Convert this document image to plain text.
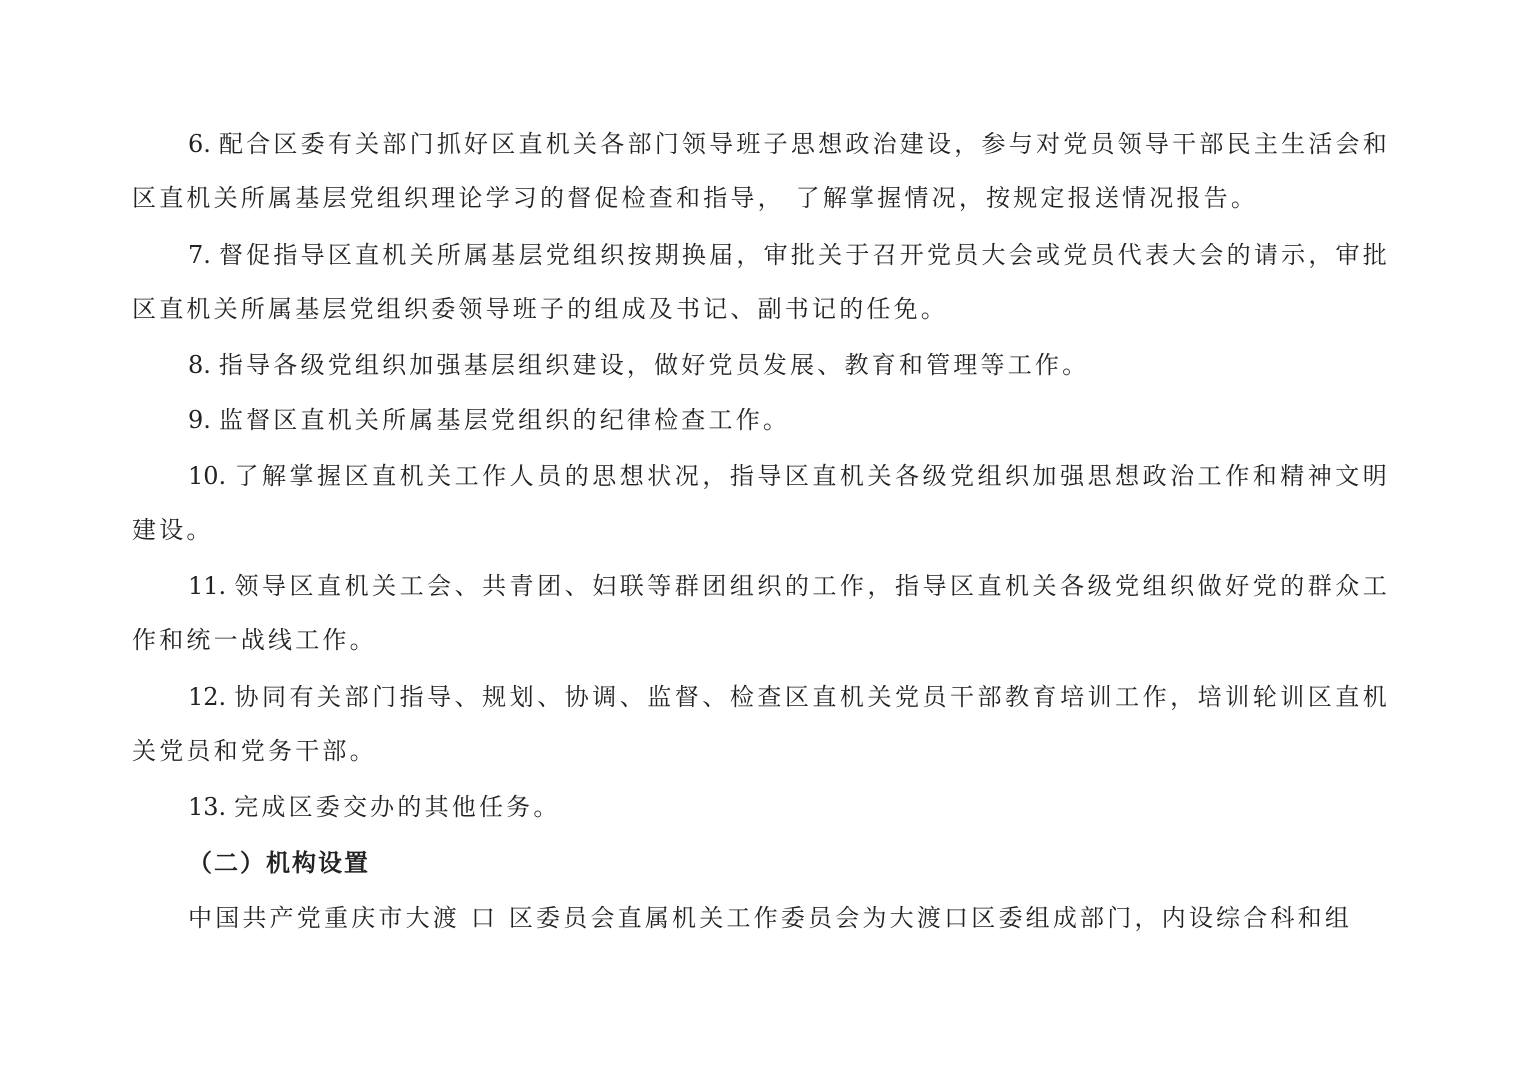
6. 配合区委有关部门抓好区直机关各部门领导班子思想政治建设，参与对党员领导干部民主生活会和区直机关所属基层党组织理论学习的督促检查和指导， 了解掌握情况，按规定报送情况报告。

7. 督促指导区直机关所属基层党组织按期换届，审批关于召开党员大会或党员代表大会的请示，审批区直机关所属基层党组织委领导班子的组成及书记、副书记的任免。

8. 指导各级党组织加强基层组织建设，做好党员发展、教育和管理等工作。

9. 监督区直机关所属基层党组织的纪律检查工作。

10. 了解掌握区直机关工作人员的思想状况，指导区直机关各级党组织加强思想政治工作和精神文明建设。

11. 领导区直机关工会、共青团、妇联等群团组织的工作，指导区直机关各级党组织做好党的群众工作和统一战线工作。

12. 协同有关部门指导、规划、协调、监督、检查区直机关党员干部教育培训工作，培训轮训区直机关党员和党务干部。

13. 完成区委交办的其他任务。

（二）机构设置

中国共产党重庆市大渡 口 区委员会直属机关工作委员会为大渡口区委组成部门，内设综合科和组
